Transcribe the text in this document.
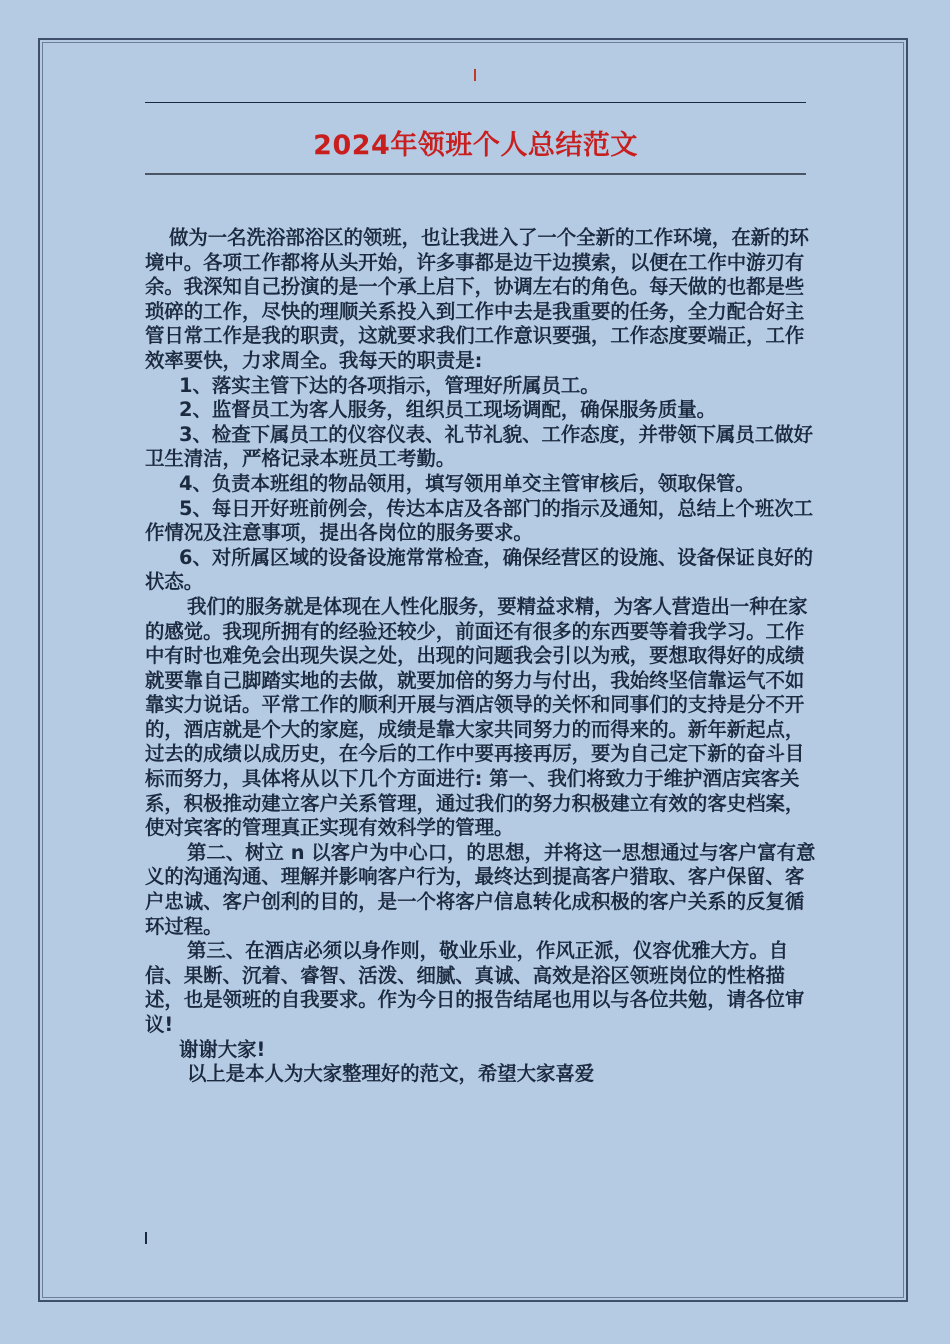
2024年领班个人总结范文

做为一名洗浴部浴区的领班，也让我进入了一个全新的工作环境，在新的环境中。各项工作都将从头开始，许多事都是边干边摸索，以便在工作中游刃有余。我深知自己扮演的是一个承上启下，协调左右的角色。每天做的也都是些琐碎的工作，尽快的理顺关系投入到工作中去是我重要的任务，全力配合好主管日常工作是我的职责，这就要求我们工作意识要强，工作态度要端正，工作效率要快，力求周全。我每天的职责是:

1、落实主管下达的各项指示，管理好所属员工。

2、监督员工为客人服务，组织员工现场调配，确保服务质量。

3、检查下属员工的仪容仪表、礼节礼貌、工作态度，并带领下属员工做好卫生清洁，严格记录本班员工考勤。

4、负责本班组的物品领用，填写领用单交主管审核后，领取保管。

5、每日开好班前例会，传达本店及各部门的指示及通知，总结上个班次工作情况及注意事项，提出各岗位的服务要求。

6、对所属区域的设备设施常常检查，确保经营区的设施、设备保证良好的状态。

我们的服务就是体现在人性化服务，要精益求精，为客人营造出一种在家的感觉。我现所拥有的经验还较少，前面还有很多的东西要等着我学习。工作中有时也难免会出现失误之处，出现的问题我会引以为戒，要想取得好的成绩就要靠自己脚踏实地的去做，就要加倍的努力与付出，我始终坚信靠运气不如靠实力说话。平常工作的顺利开展与酒店领导的关怀和同事们的支持是分不开的，酒店就是个大的家庭，成绩是靠大家共同努力的而得来的。新年新起点，过去的成绩以成历史，在今后的工作中要再接再厉，要为自己定下新的奋斗目标而努力，具体将从以下几个方面进行: 第一、我们将致力于维护酒店宾客关系，积极推动建立客户关系管理，通过我们的努力积极建立有效的客史档案，使对宾客的管理真正实现有效科学的管理。

第二、树立 n 以客户为中心口，的思想，并将这一思想通过与客户富有意义的沟通沟通、理解并影响客户行为，最终达到提高客户猎取、客户保留、客户忠诚、客户创利的目的，是一个将客户信息转化成积极的客户关系的反复循环过程。

第三、在酒店必须以身作则，敬业乐业，作风正派，仪容优雅大方。自信、果断、沉着、睿智、活泼、细腻、真诚、高效是浴区领班岗位的性格描述，也是领班的自我要求。作为今日的报告结尾也用以与各位共勉，请各位审议!

谢谢大家!

以上是本人为大家整理好的范文，希望大家喜爱
